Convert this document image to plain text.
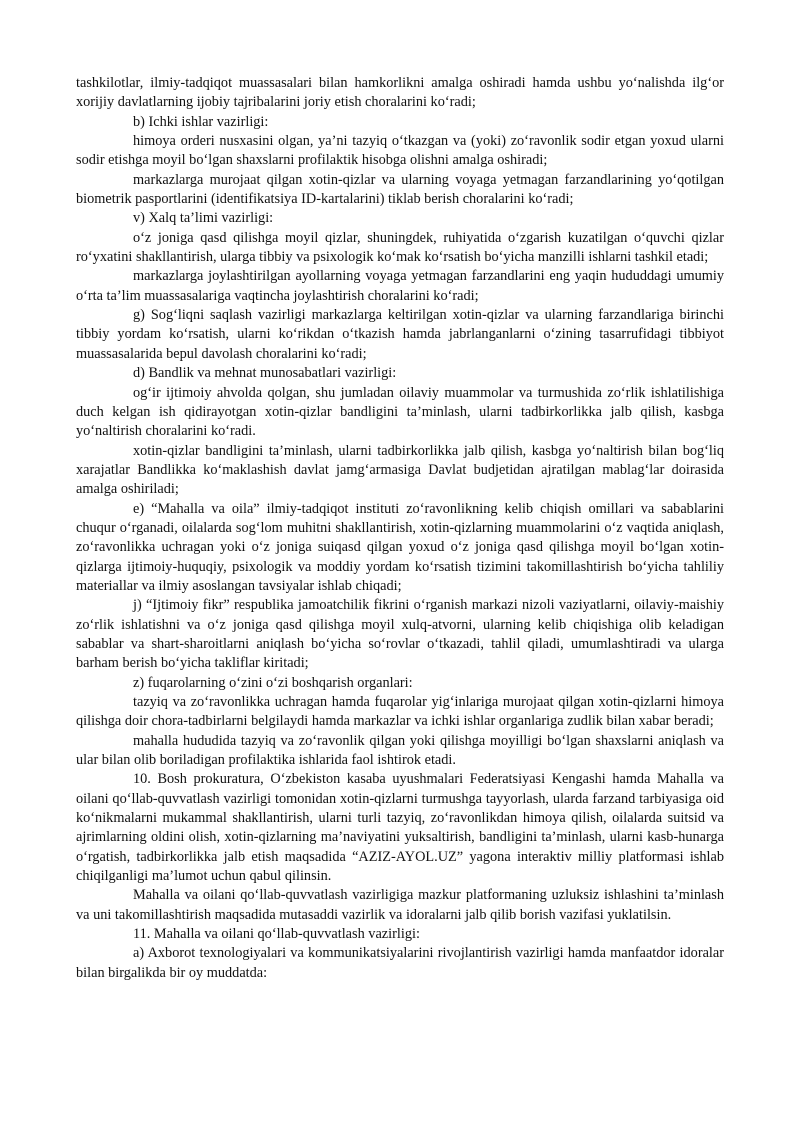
tashkilotlar, ilmiy-tadqiqot muassasalari bilan hamkorlikni amalga oshiradi hamda ushbu yo‘nalishda ilg‘or xorijiy davlatlarning ijobiy tajribalarini joriy etish choralarini ko‘radi;

b) Ichki ishlar vazirligi:

himoya orderi nusxasini olgan, ya’ni tazyiq o‘tkazgan va (yoki) zo‘ravonlik sodir etgan yoxud ularni sodir etishga moyil bo‘lgan shaxslarni profilaktik hisobga olishni amalga oshiradi;

markazlarga murojaat qilgan xotin-qizlar va ularning voyaga yetmagan farzandlarining yo‘qotilgan biometrik pasportlarini (identifikatsiya ID-kartalarini) tiklab berish choralarini ko‘radi;

v) Xalq ta’limi vazirligi:

o‘z joniga qasd qilishga moyil qizlar, shuningdek, ruhiyatida o‘zgarish kuzatilgan o‘quvchi qizlar ro‘yxatini shakllantirish, ularga tibbiy va psixologik ko‘mak ko‘rsatish bo‘yicha manzilli ishlarni tashkil etadi;

markazlarga joylashtirilgan ayollarning voyaga yetmagan farzandlarini eng yaqin hududdagi umumiy o‘rta ta’lim muassasalariga vaqtincha joylashtirish choralarini ko‘radi;

g) Sog‘liqni saqlash vazirligi markazlarga keltirilgan xotin-qizlar va ularning farzandlariga birinchi tibbiy yordam ko‘rsatish, ularni ko‘rikdan o‘tkazish hamda jabrlanganlarni o‘zining tasarrufidagi tibbiyot muassasalarida bepul davolash choralarini ko‘radi;

d) Bandlik va mehnat munosabatlari vazirligi:

og‘ir ijtimoiy ahvolda qolgan, shu jumladan oilaviy muammolar va turmushida zo‘rlik ishlatilishiga duch kelgan ish qidirayotgan xotin-qizlar bandligini ta’minlash, ularni tadbirkorlikka jalb qilish, kasbga yo‘naltirish choralarini ko‘radi.

xotin-qizlar bandligini ta’minlash, ularni tadbirkorlikka jalb qilish, kasbga yo‘naltirish bilan bog‘liq xarajatlar Bandlikka ko‘maklashish davlat jamg‘armasiga Davlat budjetidan ajratilgan mablag‘lar doirasida amalga oshiriladi;

e) “Mahalla va oila” ilmiy-tadqiqot instituti zo‘ravonlikning kelib chiqish omillari va sabablarini chuqur o‘rganadi, oilalarda sog‘lom muhitni shakllantirish, xotin-qizlarning muammolarini o‘z vaqtida aniqlash, zo‘ravonlikka uchragan yoki o‘z joniga suiqasd qilgan yoxud o‘z joniga qasd qilishga moyil bo‘lgan xotin-qizlarga ijtimoiy-huquqiy, psixologik va moddiy yordam ko‘rsatish tizimini takomillashtirish bo‘yicha tahliliy materiallar va ilmiy asoslangan tavsiyalar ishlab chiqadi;

j) “Ijtimoiy fikr” respublika jamoatchilik fikrini o‘rganish markazi nizoli vaziyatlarni, oilaviy-maishiy zo‘rlik ishlatishni va o‘z joniga qasd qilishga moyil xulq-atvorni, ularning kelib chiqishiga olib keladigan sabablar va shart-sharoitlarni aniqlash bo‘yicha so‘rovlar o‘tkazadi, tahlil qiladi, umumlashtiradi va ularga barham berish bo‘yicha takliflar kiritadi;

z) fuqarolarning o‘zini o‘zi boshqarish organlari:

tazyiq va zo‘ravonlikka uchragan hamda fuqarolar yig‘inlariga murojaat qilgan xotin-qizlarni himoya qilishga doir chora-tadbirlarni belgilaydi hamda markazlar va ichki ishlar organlariga zudlik bilan xabar beradi;

mahalla hududida tazyiq va zo‘ravonlik qilgan yoki qilishga moyilligi bo‘lgan shaxslarni aniqlash va ular bilan olib boriladigan profilaktika ishlarida faol ishtirok etadi.

10. Bosh prokuratura, O‘zbekiston kasaba uyushmalari Federatsiyasi Kengashi hamda Mahalla va oilani qo‘llab-quvvatlash vazirligi tomonidan xotin-qizlarni turmushga tayyorlash, ularda farzand tarbiyasiga oid ko‘nikmalarni mukammal shakllantirish, ularni turli tazyiq, zo‘ravonlikdan himoya qilish, oilalarda suitsid va ajrimlarning oldini olish, xotin-qizlarning ma’naviyatini yuksaltirish, bandligini ta’minlash, ularni kasb-hunarga o‘rgatish, tadbirkorlikka jalb etish maqsadida “AZIZ-AYOL.UZ” yagona interaktiv milliy platformasi ishlab chiqilganligi ma’lumot uchun qabul qilinsin.

Mahalla va oilani qo‘llab-quvvatlash vazirligiga mazkur platformaning uzluksiz ishlashini ta’minlash va uni takomillashtirish maqsadida mutasaddi vazirlik va idoralarni jalb qilib borish vazifasi yuklatilsin.

11. Mahalla va oilani qo‘llab-quvvatlash vazirligi:

a) Axborot texnologiyalari va kommunikatsiyalarini rivojlantirish vazirligi hamda manfaatdor idoralar bilan birgalikda bir oy muddatda:
